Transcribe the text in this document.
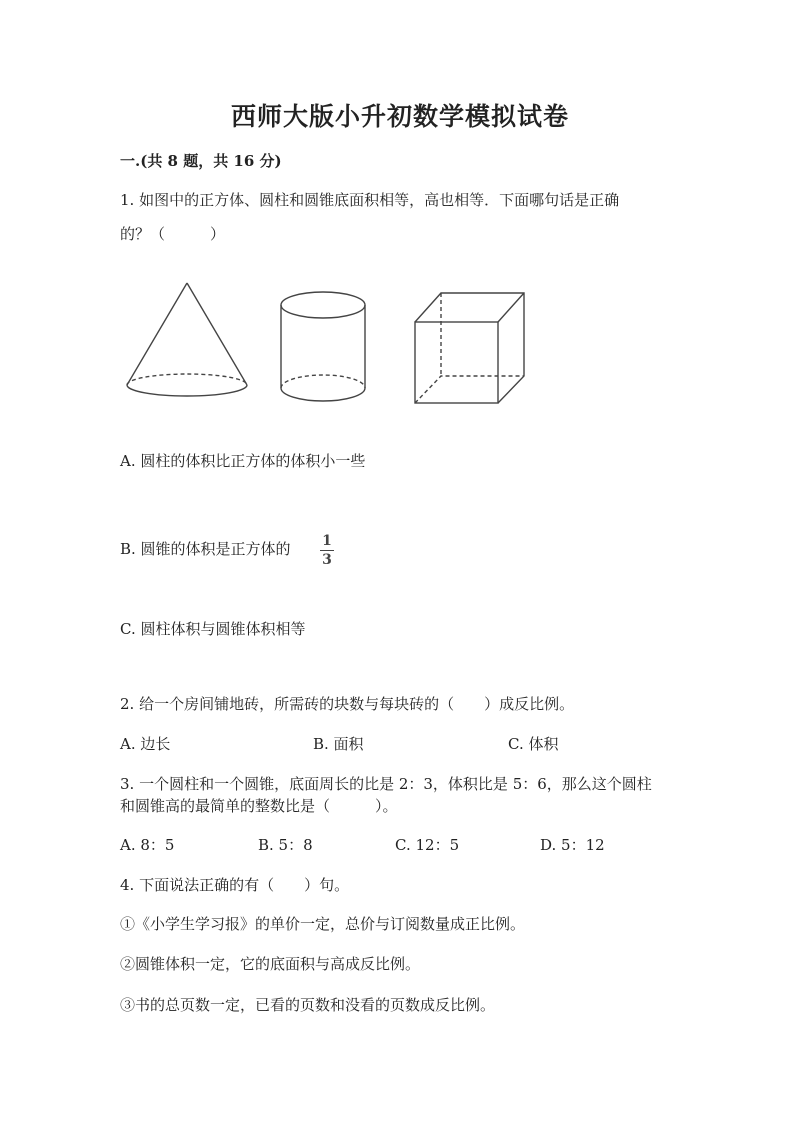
西师大版小升初数学模拟试卷
一.(共 8 题，共 16 分)
1. 如图中的正方体、圆柱和圆锥底面积相等，高也相等．下面哪句话是正确
的？（　　　）
A. 圆柱的体积比正方体的体积小一些
B. 圆锥的体积是正方体的 1
3
C. 圆柱体积与圆锥体积相等
2. 给一个房间铺地砖，所需砖的块数与每块砖的（　　）成反比例。
A. 边长	B. 面积	C. 体积
3. 一个圆柱和一个圆锥，底面周长的比是 2：3，体积比是 5：6，那么这个圆柱
和圆锥高的最简单的整数比是（　　　）。
A. 8：5	B. 5：8	C. 12：5	D. 5：12
4. 下面说法正确的有（　　）句。
①《小学生学习报》的单价一定，总价与订阅数量成正比例。
②圆锥体积一定，它的底面积与高成反比例。
③书的总页数一定，已看的页数和没看的页数成反比例。
